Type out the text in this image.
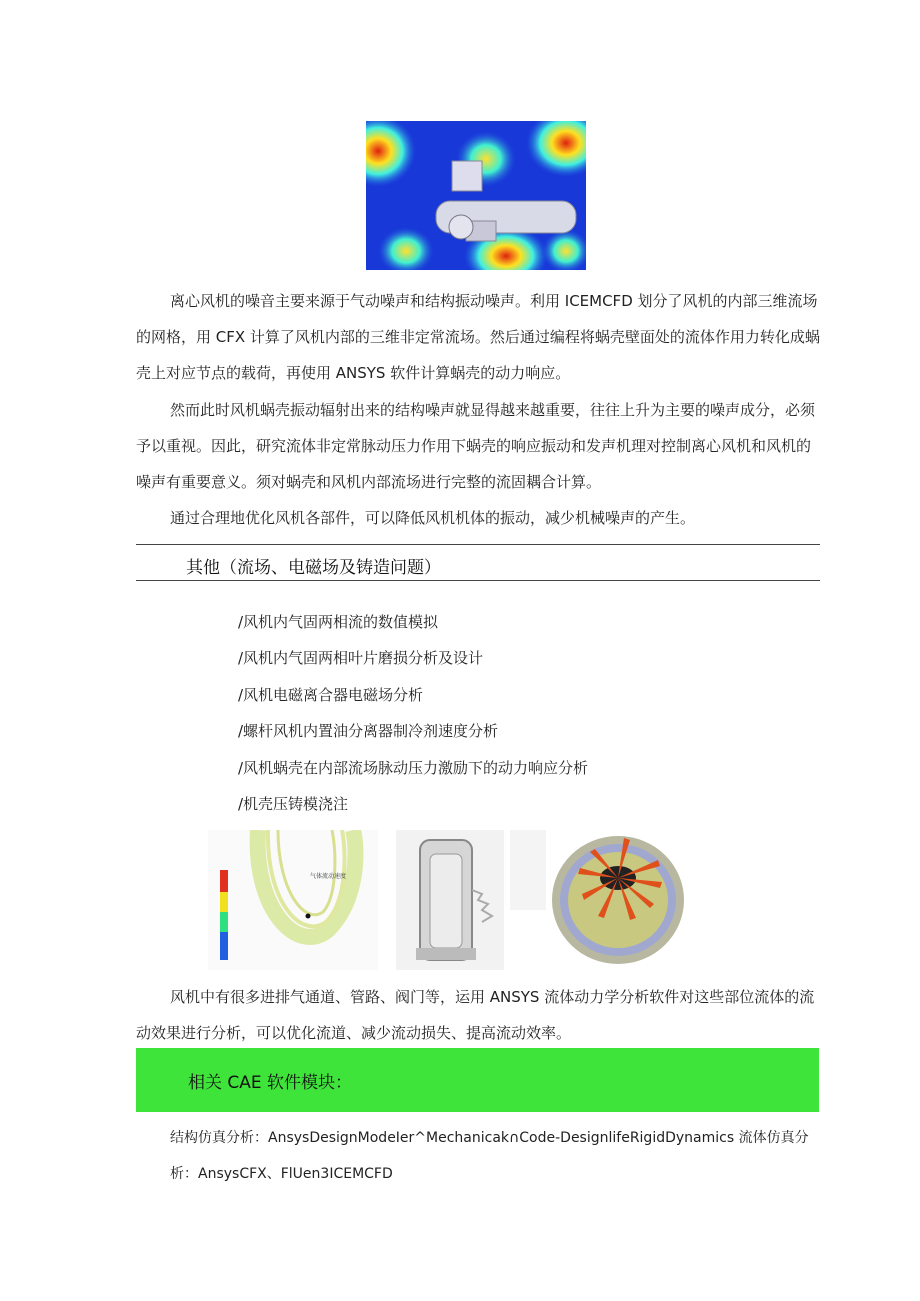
离心风机的噪音主要来源于气动噪声和结构振动噪声。利用 ICEMCFD 划分了风机的内部三维流场的网格，用 CFX 计算了风机内部的三维非定常流场。然后通过编程将蜗壳壁面处的流体作用力转化成蜗壳上对应节点的载荷，再使用 ANSYS 软件计算蜗壳的动力响应。

然而此时风机蜗壳振动辐射出来的结构噪声就显得越来越重要，往往上升为主要的噪声成分，必须予以重视。因此，研究流体非定常脉动压力作用下蜗壳的响应振动和发声机理对控制离心风机和风机的噪声有重要意义。须对蜗壳和风机内部流场进行完整的流固耦合计算。

通过合理地优化风机各部件，可以降低风机机体的振动，减少机械噪声的产生。

其他（流场、电磁场及铸造问题）
/风机内气固两相流的数值模拟
/风机内气固两相叶片磨损分析及设计
/风机电磁离合器电磁场分析
/螺杆风机内置油分离器制冷剂速度分析
/风机蜗壳在内部流场脉动压力激励下的动力响应分析
/机壳压铸模浇注
气体流动速度

风机中有很多进排气通道、管路、阀门等，运用 ANSYS 流体动力学分析软件对这些部位流体的流动效果进行分析，可以优化流道、减少流动损失、提高流动效率。

相关 CAE 软件模块：
结构仿真分析：AnsysDesignModeIer^Mechanicak∩Code-DesignlifeRigidDynamics 流体仿真分
析：AnsysCFX、FlUen3ICEMCFD
